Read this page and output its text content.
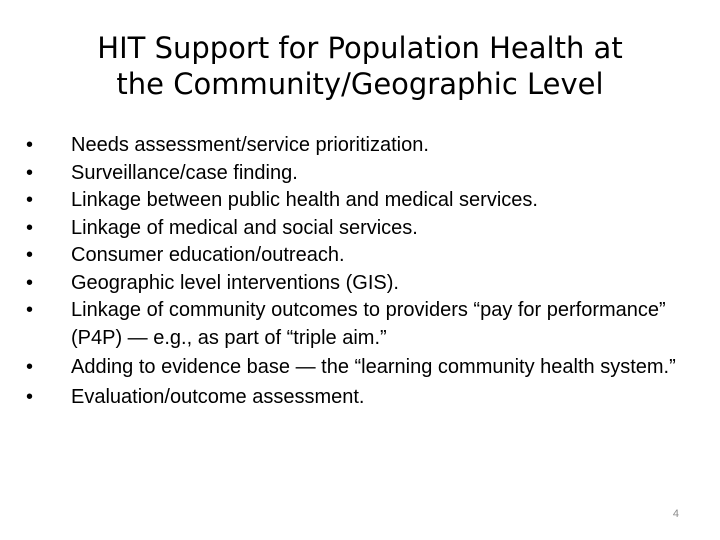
HIT Support for Population Health at
the Community/Geographic Level
•	Needs assessment/service prioritization.
•	Surveillance/case finding.
•	Linkage between public health and medical services.
•	Linkage of medical and social services.
•	Consumer education/outreach.
•	Geographic level interventions (GIS).
•	Linkage of community outcomes to providers “pay for performance” (P4P) — e.g., as part of “triple aim.”
•	Adding to evidence base — the “learning community health system.”
•	Evaluation/outcome assessment.
4
